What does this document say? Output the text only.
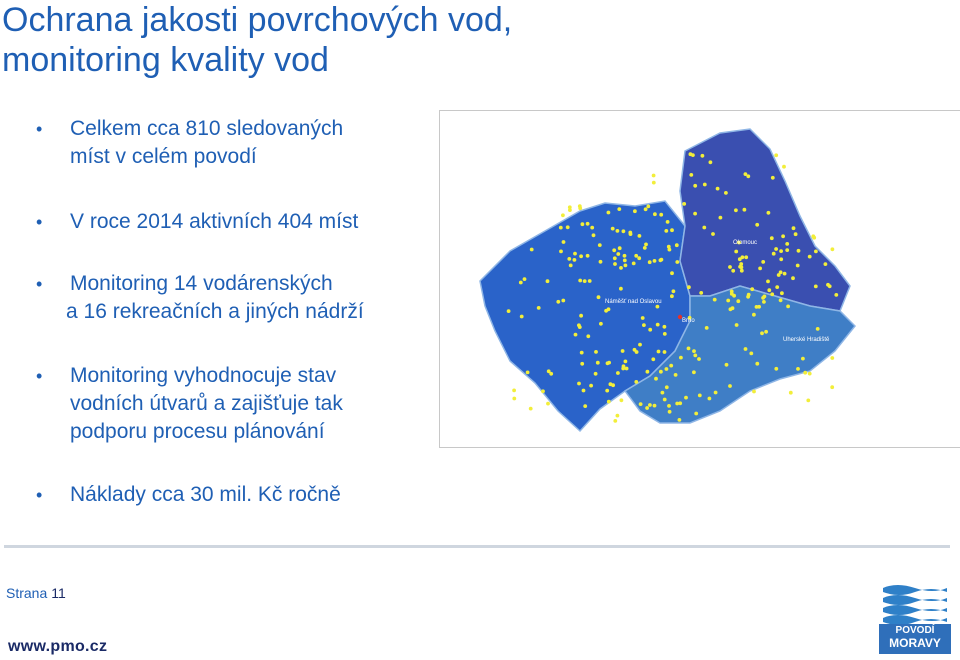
Ochrana jakosti povrchových vod,
monitoring kvality vod
• Celkem cca 810 sledovaných
míst v celém povodí
• V roce 2014 aktivních 404 míst
• Monitoring 14 vodárenských
a 16 rekreačních a jiných nádrží
• Monitoring vyhodnocuje stav
vodních útvarů a zajišťuje tak
podporu procesu plánování
• Náklady cca 30 mil. Kč ročně
Olomouc
Náměšť nad Oslavou
Brno
Uherské Hradiště
Strana 11
www.pmo.cz
POVODÍ
MORAVY
